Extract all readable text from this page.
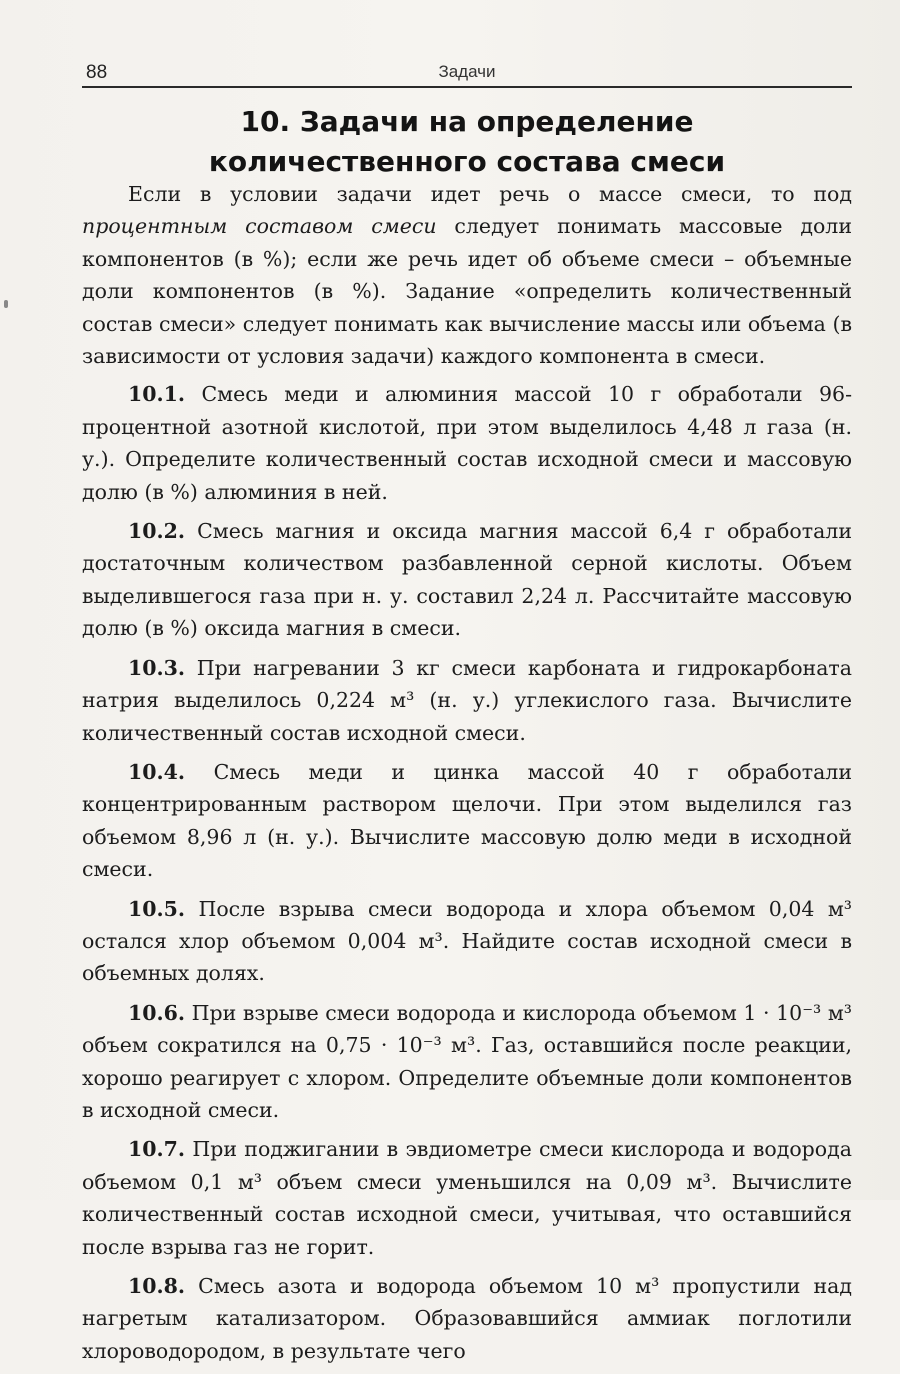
88	Задачи
10. Задачи на определение
количественного состава смеси

Если в условии задачи идет речь о массе смеси, то под процентным составом смеси следует понимать массовые доли компонентов (в %); если же речь идет об объеме смеси – объемные доли компонентов (в %). Задание «определить количественный состав смеси» следует понимать как вычисление массы или объема (в зависимости от условия задачи) каждого компонента в смеси.

10.1. Смесь меди и алюминия массой 10 г обработали 96-процентной азотной кислотой, при этом выделилось 4,48 л газа (н. у.). Определите количественный состав исходной смеси и массовую долю (в %) алюминия в ней.

10.2. Смесь магния и оксида магния массой 6,4 г обработали достаточным количеством разбавленной серной кислоты. Объем выделившегося газа при н. у. составил 2,24 л. Рассчитайте массовую долю (в %) оксида магния в смеси.

10.3. При нагревании 3 кг смеси карбоната и гидрокарбоната натрия выделилось 0,224 м³ (н. у.) углекислого газа. Вычислите количественный состав исходной смеси.

10.4. Смесь меди и цинка массой 40 г обработали концентрированным раствором щелочи. При этом выделился газ объемом 8,96 л (н. у.). Вычислите массовую долю меди в исходной смеси.

10.5. После взрыва смеси водорода и хлора объемом 0,04 м³ остался хлор объемом 0,004 м³. Найдите состав исходной смеси в объемных долях.

10.6. При взрыве смеси водорода и кислорода объемом 1 · 10⁻³ м³ объем сократился на 0,75 · 10⁻³ м³. Газ, оставшийся после реакции, хорошо реагирует с хлором. Определите объемные доли компонентов в исходной смеси.

10.7. При поджигании в эвдиометре смеси кислорода и водорода объемом 0,1 м³ объем смеси уменьшился на 0,09 м³. Вычислите количественный состав исходной смеси, учитывая, что оставшийся после взрыва газ не горит.

10.8. Смесь азота и водорода объемом 10 м³ пропустили над нагретым катализатором. Образовавшийся аммиак поглотили хлороводородом, в результате чего
